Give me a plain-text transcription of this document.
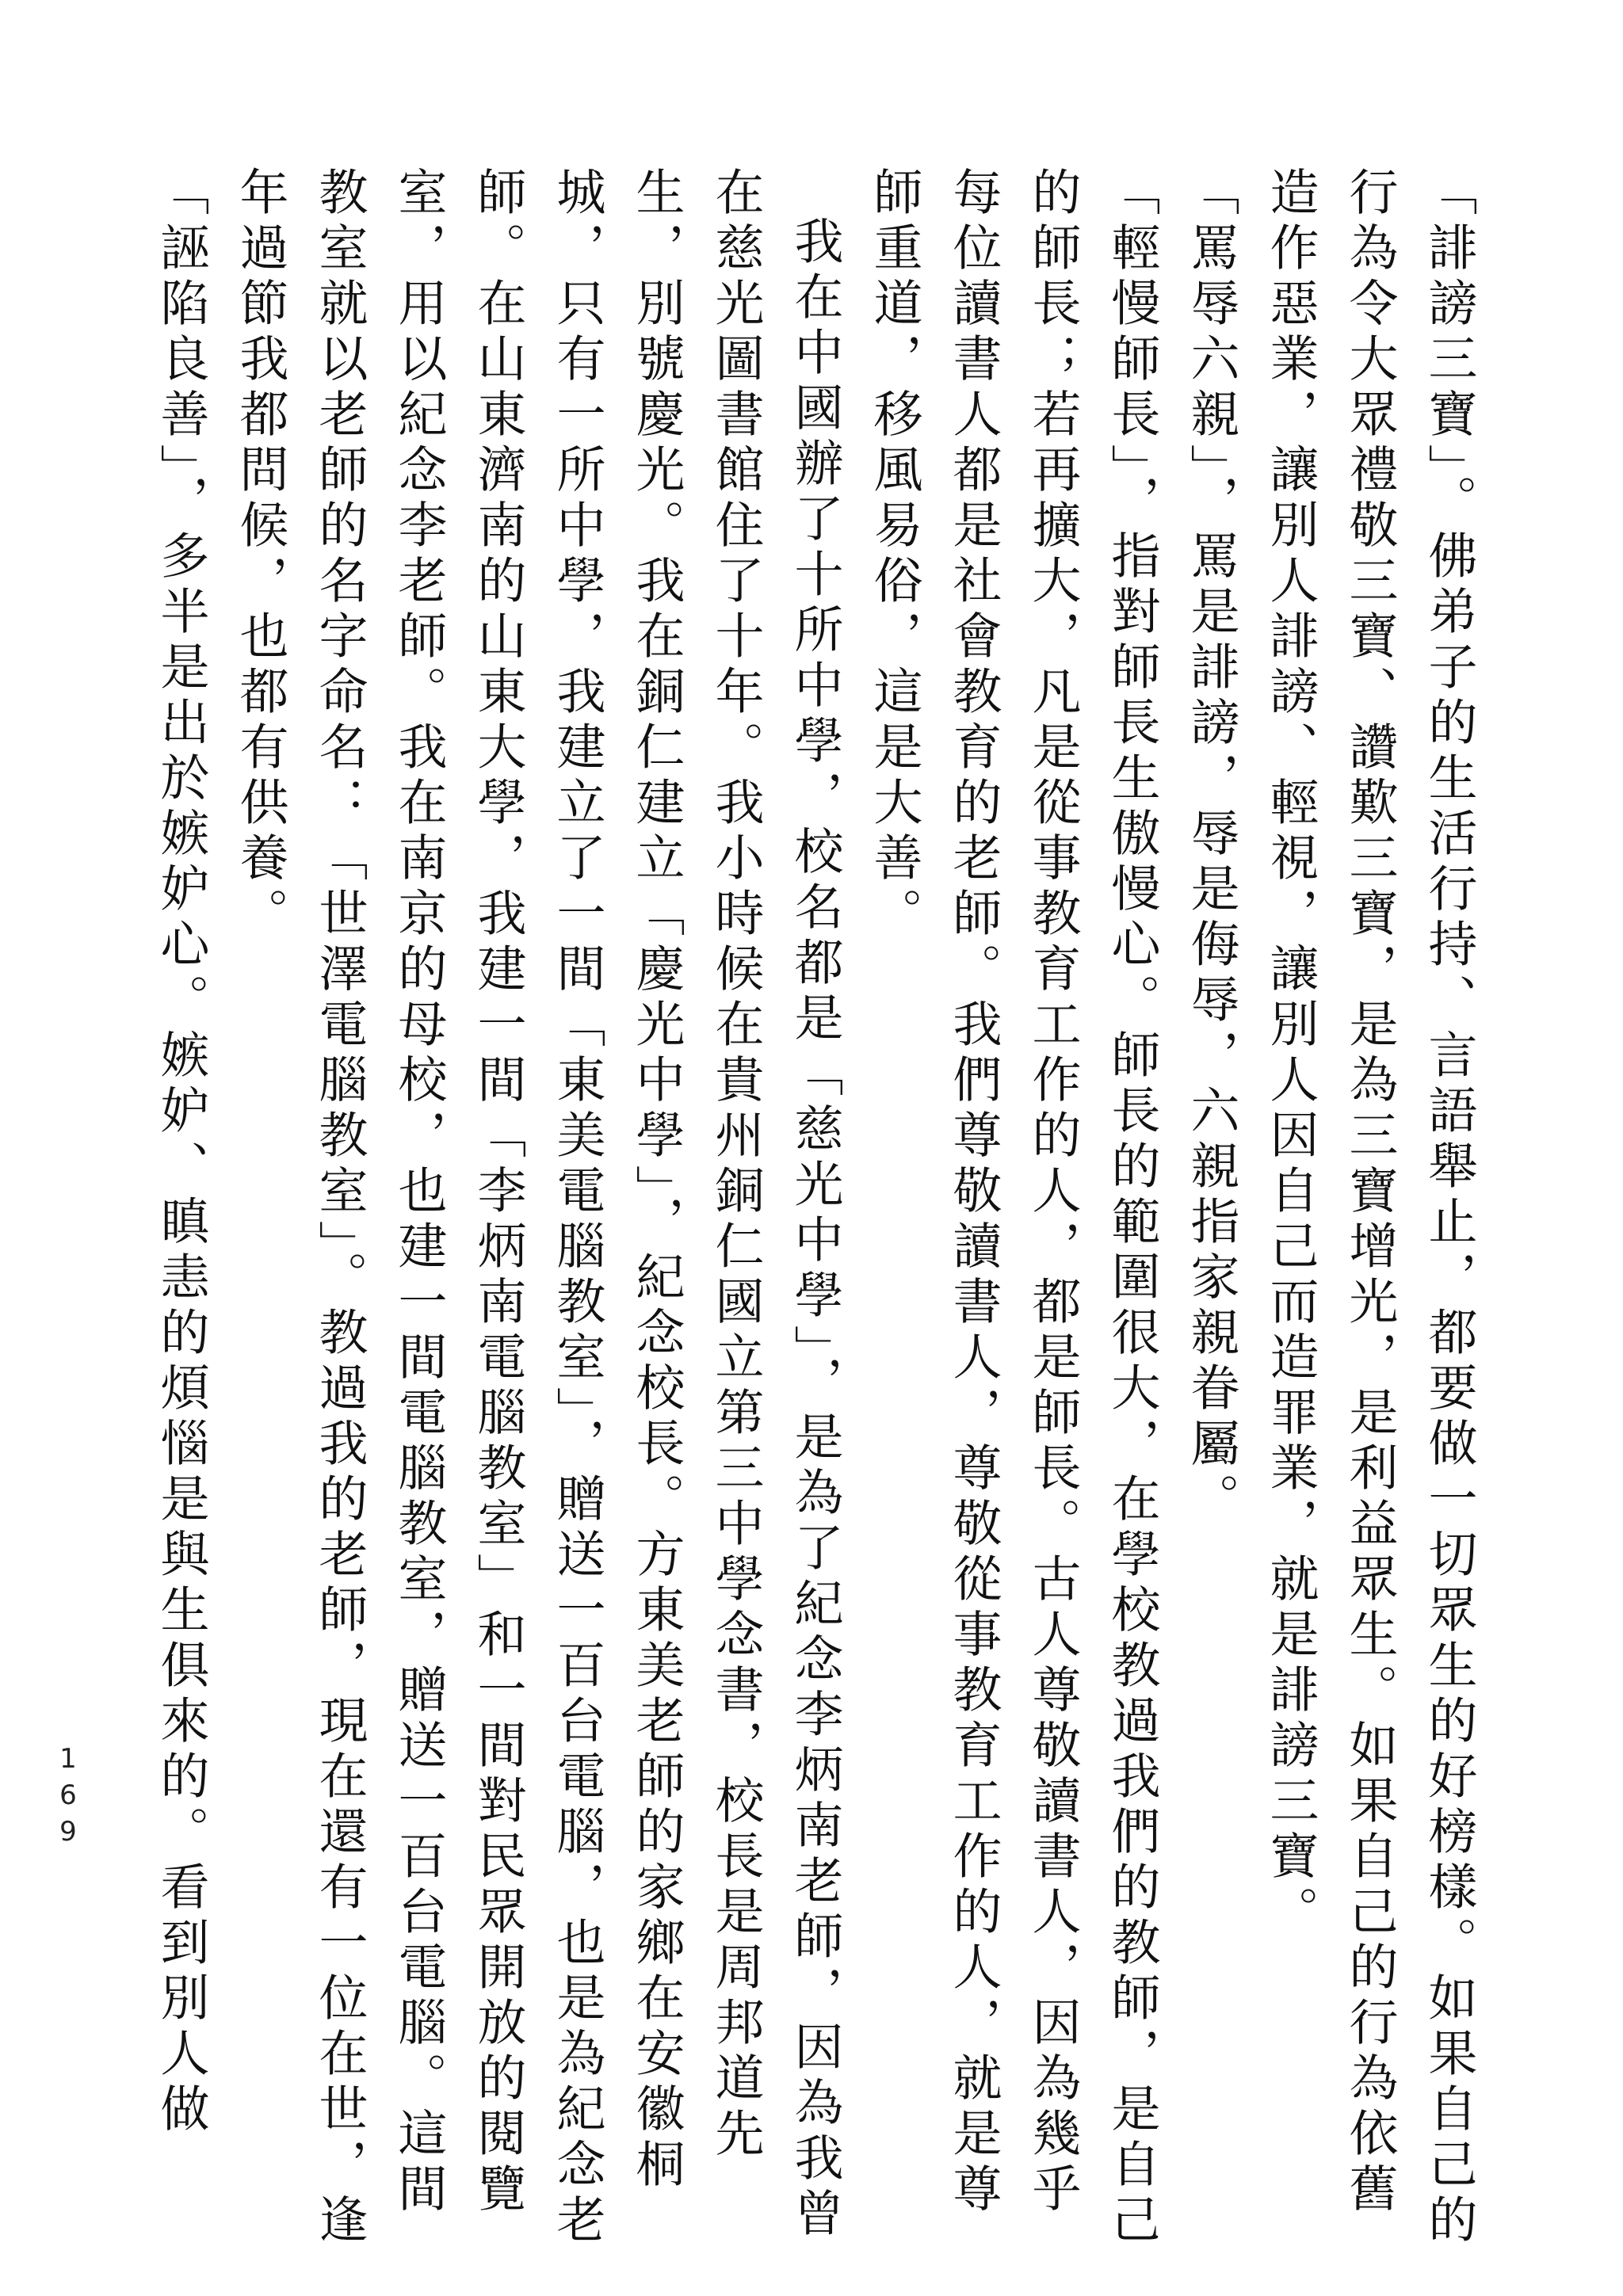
「誹謗三寶」。佛弟子的生活行持、言語舉止，都要做一切眾生的好榜樣。如果自己的行為令大眾禮敬三寶、讚歎三寶，是為三寶增光，是利益眾生。如果自己的行為依舊造作惡業，讓別人誹謗、輕視，讓別人因自己而造罪業，就是誹謗三寶。

「罵辱六親」，罵是誹謗，辱是侮辱，六親指家親眷屬。

「輕慢師長」，指對師長生傲慢心。師長的範圍很大，在學校教過我們的教師，是自己的師長；若再擴大，凡是從事教育工作的人，都是師長。古人尊敬讀書人，因為幾乎每位讀書人都是社會教育的老師。我們尊敬讀書人，尊敬從事教育工作的人，就是尊師重道，移風易俗，這是大善。

我在中國辦了十所中學，校名都是「慈光中學」，是為了紀念李炳南老師，因為我曾在慈光圖書館住了十年。我小時候在貴州銅仁國立第三中學念書，校長是周邦道先生，別號慶光。我在銅仁建立「慶光中學」，紀念校長。方東美老師的家鄉在安徽桐城，只有一所中學，我建立了一間「東美電腦教室」，贈送一百台電腦，也是為紀念老師。在山東濟南的山東大學，我建一間「李炳南電腦教室」和一間對民眾開放的閱覽室，用以紀念李老師。我在南京的母校，也建一間電腦教室，贈送一百台電腦。這間教室就以老師的名字命名：「世澤電腦教室」。教過我的老師，現在還有一位在世，逢年過節我都問候，也都有供養。

「誣陷良善」，多半是出於嫉妒心。嫉妒、瞋恚的煩惱是與生俱來的。看到別人做

169
